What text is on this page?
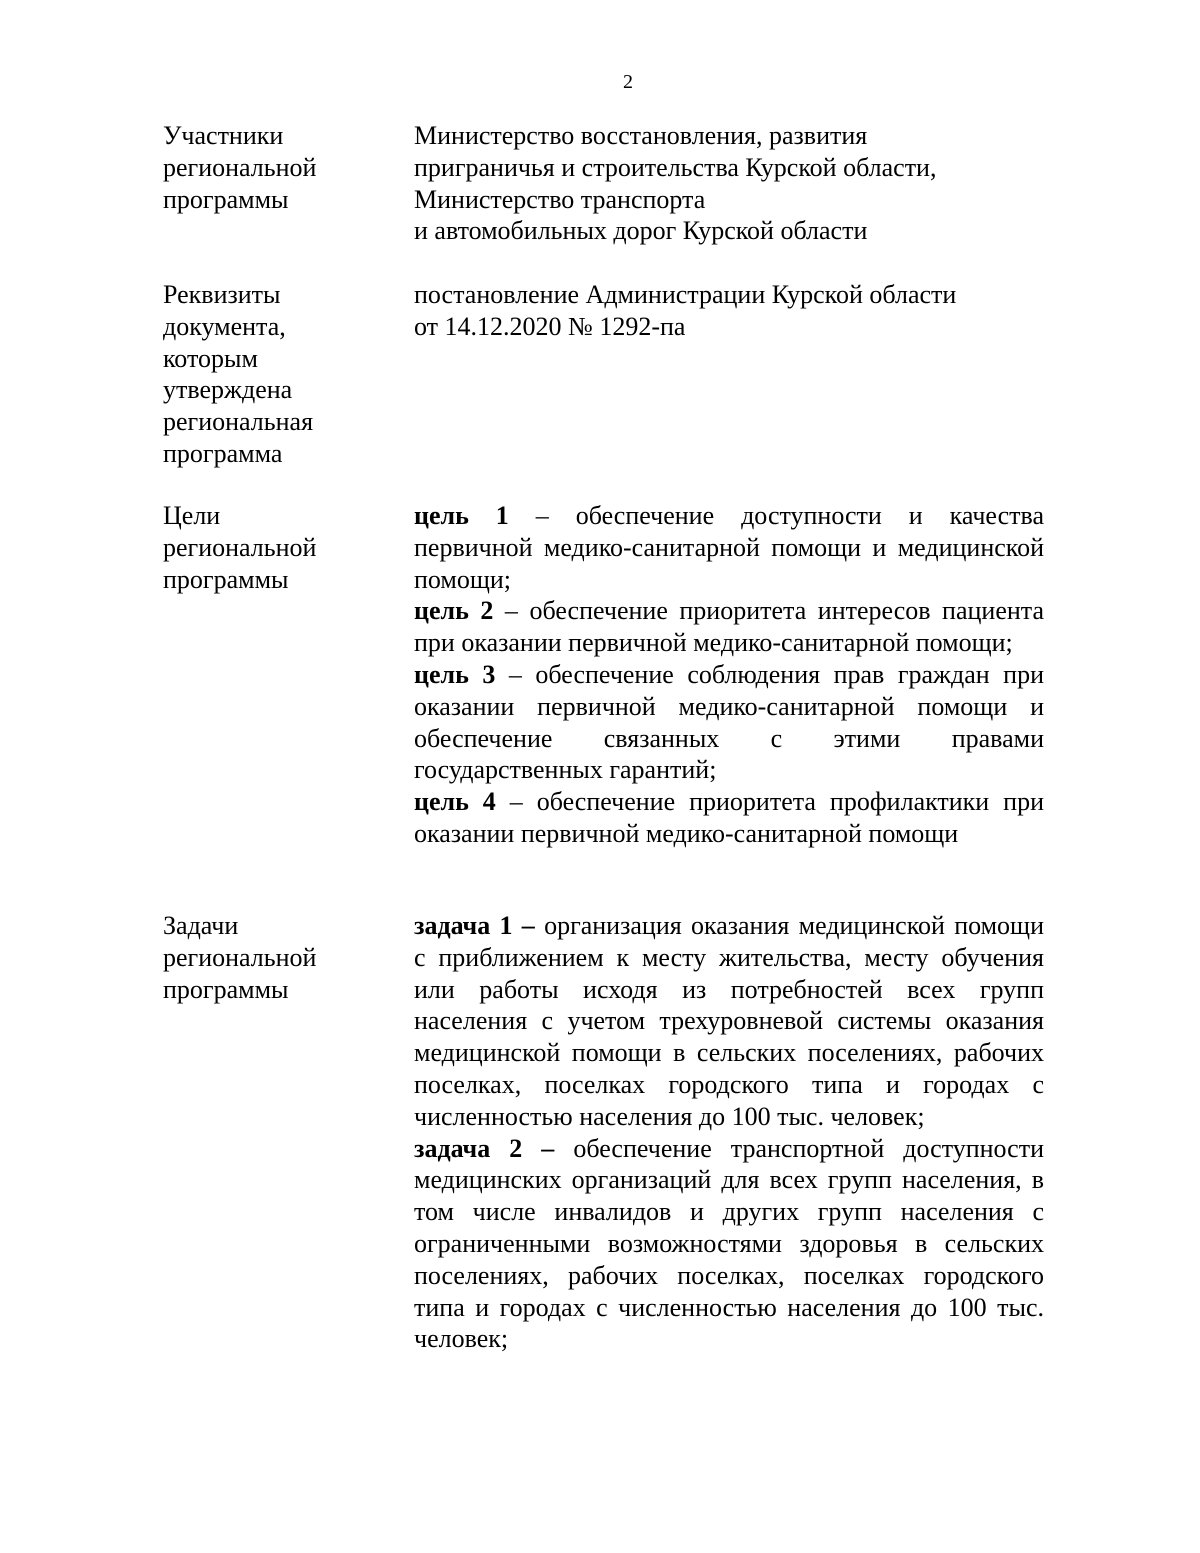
2
Участники
региональной
программы
Министерство восстановления, развития
приграничья и строительства Курской области,
Министерство транспорта
и автомобильных дорог Курской области
Реквизиты
документа,
которым
утверждена
региональная
программа
постановление Администрации Курской области
от 14.12.2020 № 1292-па
Цели
региональной
программы

цель 1 – обеспечение доступности и качества первичной медико-санитарной помощи и медицинской помощи;

цель 2 – обеспечение приоритета интересов пациента при оказании первичной медико-санитарной помощи;

цель 3 – обеспечение соблюдения прав граждан при оказании первичной медико-санитарной помощи и обеспечение связанных с этими правами государственных гарантий;

цель 4 – обеспечение приоритета профилактики при оказании первичной медико-санитарной помощи

Задачи
региональной
программы

задача 1 – организация оказания медицинской помощи с приближением к месту жительства, месту обучения или работы исходя из потребностей всех групп населения с учетом трехуровневой системы оказания медицинской помощи в сельских поселениях, рабочих поселках, поселках городского типа и городах с численностью населения до 100 тыс. человек;

задача 2 – обеспечение транспортной доступности медицинских организаций для всех групп населения, в том числе инвалидов и других групп населения с ограниченными возможностями здоровья в сельских поселениях, рабочих поселках, поселках городского типа и городах с численностью населения до 100 тыс. человек;
